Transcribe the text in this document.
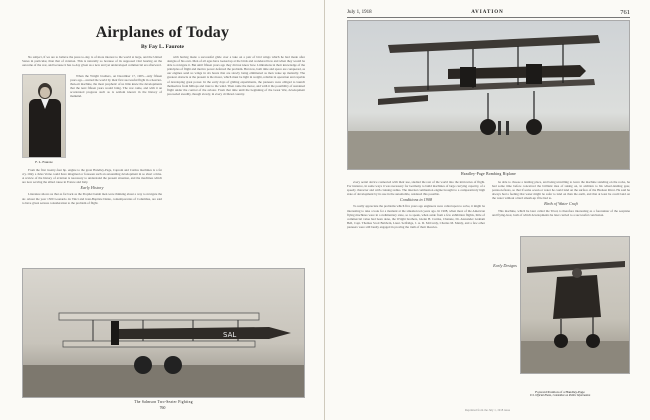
Airplanes of Today
By Fay L. Faurote

No subject, if we are to believe the press to-day, is of more interest to the world at large, and the United States in particular, than that of aviation. This is naturally so because of its supposed vital bearing on the outcome of the war, and because it has to-day given us a new and yet undeveloped commercial era afterward.

F. L. Faurote

When the Wright brothers, on December 17, 1903—only fifteen years ago—started the world by their first successful flight in a heavier-than-air machine, the most prophetic of us little knew the developments that the next fifteen years would bring. The war came, and with it an accelerated progress such as is seldom known in the history of mankind.

From the first twenty-four hp. engine to the great Handley-Page, Caproni and Curtiss machines is a far cry. Only a Jules Verne could have imagined or foreseen such an astounding development in so short a time. A review of the history of aviation is necessary to understand the present situation, and the machines which are now serving the allied cause in France and Italy.

Early History

Literature shows us that as far back as the Prophet Isaiah men were thinking about a way to navigate the air. About the year 1500 Leonardo da Vinci and Jean-Baptiste Dante, contemporaries of Columbus, are said to have given serious consideration to the problem of flight.

with having made a successful glide over a lake on a pair of bird wings which he had made after designs of his own. Men of all ages have looked up at the birds and wondered how and when they would be able to navigate it. But until fifteen years ago they did not know how. Limitations in their knowledge of the principles of flight and motive power deferred the problem. But now, both time and space are conquered, as our engines send us wings in six hours that are slowly being eliminated as men wake up mentally. The greatest obstacle at the present is the motor, which must be light in weight, reliable in operation and capable of developing great power. In the early days of gliding experiments, the pioneers were obliged to launch themselves from hilltops and trust to the wind. Then came the motor, and with it the possibility of sustained flight under the control of the aviator. From that time until the beginning of the Great War, development proceeded steadily, though slowly, in every civilized country.

SAL
The Salmson Two-Seater Fighting
760
July 1, 1918	AVIATION	761
Handley-Page Bombing Biplane

every aerial device connected with their use, studied the rest of the world into the intricacies of flight. For instance, in some ways it was necessary for Germany to build machines of large carrying capacity, of a speedy character and with cruising radius. The internal combustion engine brought to a comparatively high state of development by its use in the automobile, rendered this possible.

Conditions in 1908

To really appreciate the problems which five years ago engineers were called upon to solve, it might be interesting to take a look for a moment at the situation ten years ago. In 1908, when most of the American flying machines were in a rudimentary state, so to speak, when aside from a few exhibition flights, little of commercial value had been done, the Wright brothers, Glenn H. Curtiss, Chanute, Dr. Alexander Graham Bell, Capt. Thomas Scott Baldwin, Lieut. Selfridge, J. A. D. McCurdy, Charles M. Manly, and a few other pioneers were still busily engaged in proving the truth of their theories.

be able to choose a landing place, and being unwilling to leave the machine standing on the rocks, he had some time before conceived the brilliant idea of taking on, in addition to his wheel-landing gear, pontoon-floats, so that if some ocean or water he could land on the surface of the Hudson River. He said he always had a feeling that water might be safer to land on than the earth, and that at least he could land on the water without a hard smash-up if he had to.

Birth of Water Craft

This machine, which he later called the Triad, is therefore interesting as a forerunner of the seaplane and flying-boat, both of which developments he later carried to a successful conclusion.

Early Designs
Forward Position of a Handley-Page
U.S. Official Photo, Committee on Public Information
Reprinted from the July 1, 1918 issue
